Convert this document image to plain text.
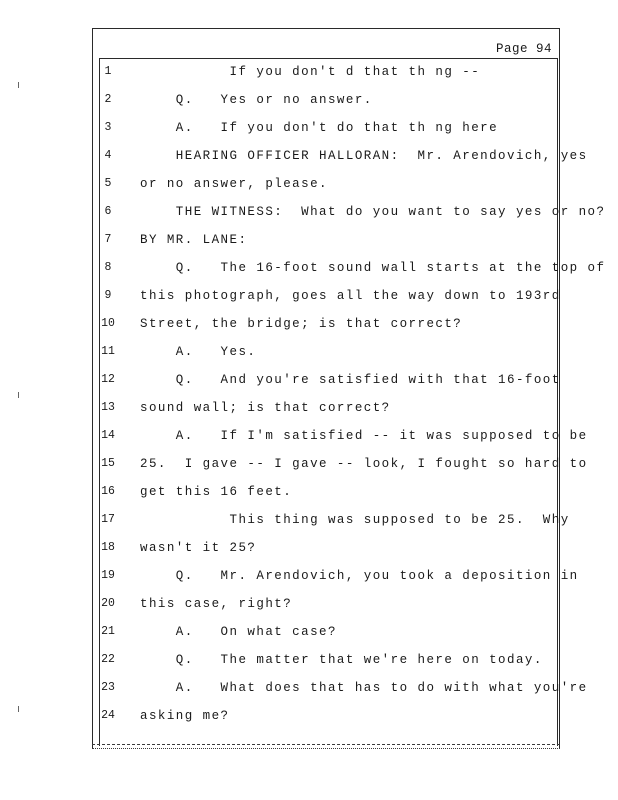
Page 94
1	If you don't d that th ng --
2	Q.   Yes or no answer.
3	A.   If you don't do that th ng here
4	HEARING OFFICER HALLORAN:  Mr. Arendovich, yes
5	or no answer, please.
6	THE WITNESS:  What do you want to say yes or no?
7	BY MR. LANE:
8	Q.   The 16-foot sound wall starts at the top of
9	this photograph, goes all the way down to 193rd
10	Street, the bridge; is that correct?
11	A.   Yes.
12	Q.   And you're satisfied with that 16-foot
13	sound wall; is that correct?
14	A.   If I'm satisfied -- it was supposed to be
15	25.  I gave -- I gave -- look, I fought so hard to
16	get this 16 feet.
17	This thing was supposed to be 25.  Why
18	wasn't it 25?
19	Q.   Mr. Arendovich, you took a deposition in
20	this case, right?
21	A.   On what case?
22	Q.   The matter that we're here on today.
23	A.   What does that has to do with what you're
24	asking me?
